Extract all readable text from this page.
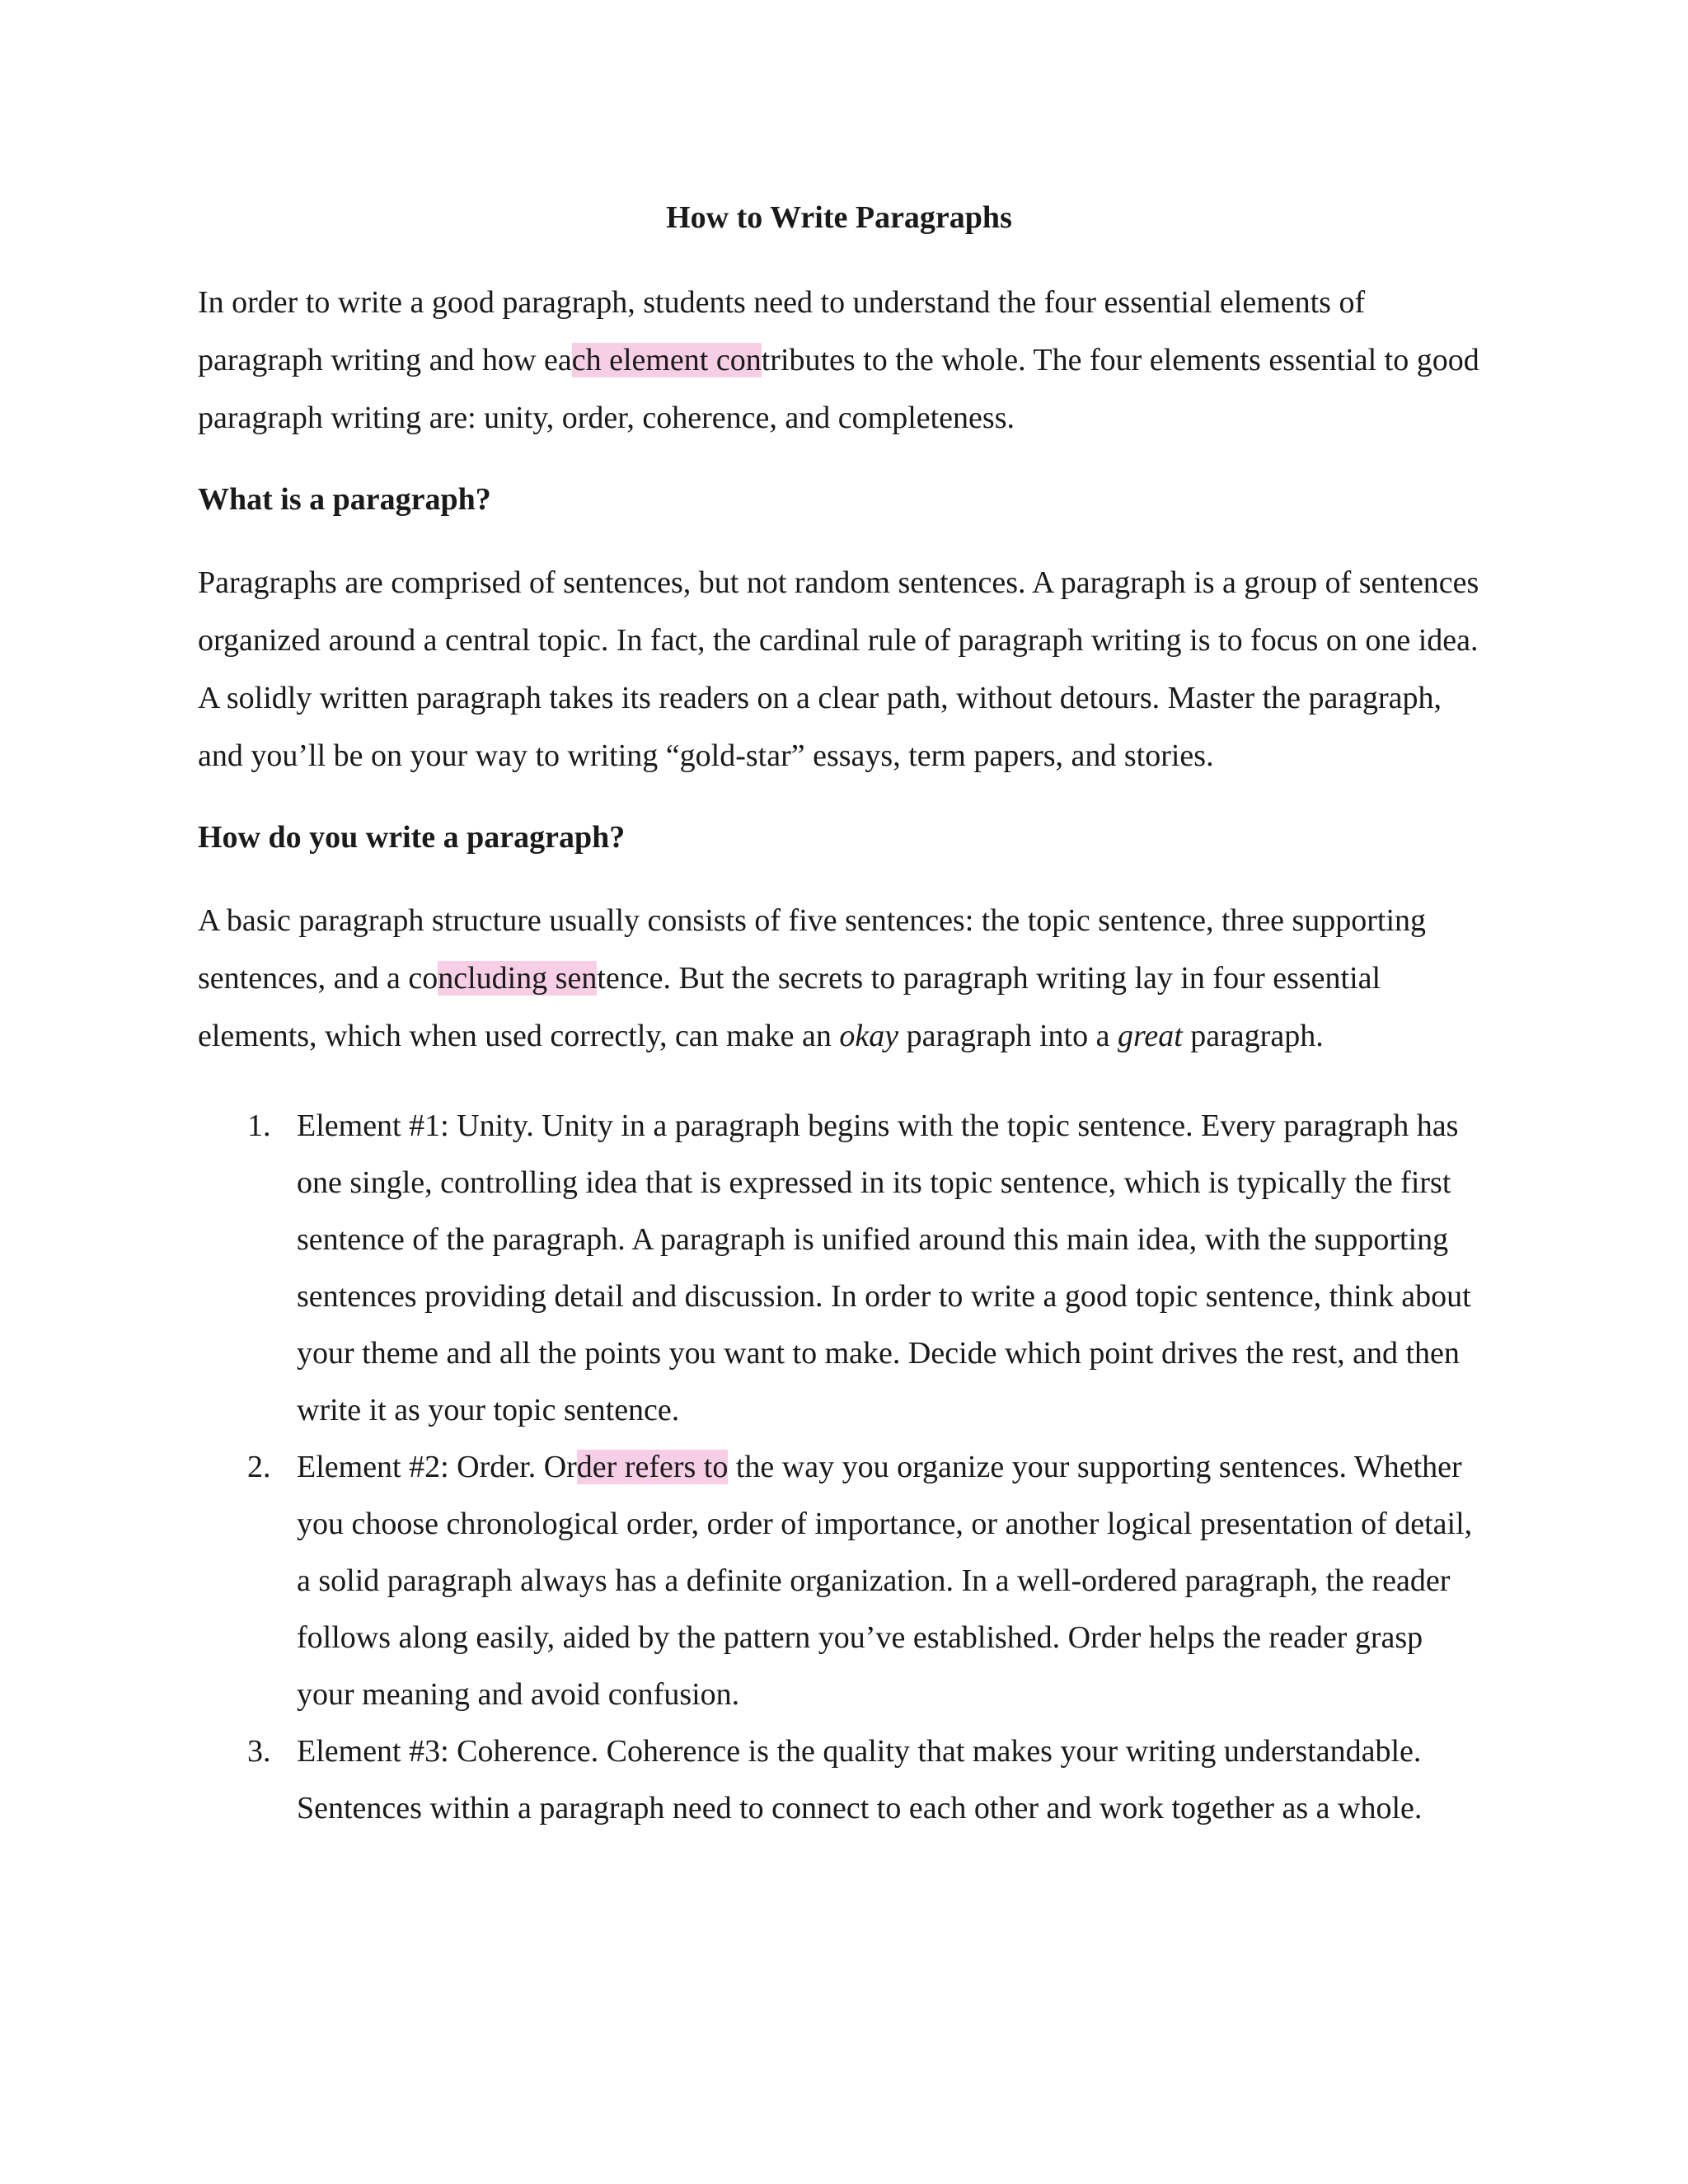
How to Write Paragraphs

In order to write a good paragraph, students need to understand the four essential elements of paragraph writing and how each element contributes to the whole. The four elements essential to good paragraph writing are: unity, order, coherence, and completeness.

What is a paragraph?

Paragraphs are comprised of sentences, but not random sentences. A paragraph is a group of sentences organized around a central topic. In fact, the cardinal rule of paragraph writing is to focus on one idea. A solidly written paragraph takes its readers on a clear path, without detours. Master the paragraph, and you’ll be on your way to writing “gold-star” essays, term papers, and stories.

How do you write a paragraph?

A basic paragraph structure usually consists of five sentences: the topic sentence, three supporting sentences, and a concluding sentence. But the secrets to paragraph writing lay in four essential elements, which when used correctly, can make an okay paragraph into a great paragraph.

1. Element #1: Unity. Unity in a paragraph begins with the topic sentence. Every paragraph has one single, controlling idea that is expressed in its topic sentence, which is typically the first sentence of the paragraph. A paragraph is unified around this main idea, with the supporting sentences providing detail and discussion. In order to write a good topic sentence, think about your theme and all the points you want to make. Decide which point drives the rest, and then write it as your topic sentence.
2. Element #2: Order. Order refers to the way you organize your supporting sentences. Whether you choose chronological order, order of importance, or another logical presentation of detail, a solid paragraph always has a definite organization. In a well-ordered paragraph, the reader follows along easily, aided by the pattern you’ve established. Order helps the reader grasp your meaning and avoid confusion.
3. Element #3: Coherence. Coherence is the quality that makes your writing understandable. Sentences within a paragraph need to connect to each other and work together as a whole.
